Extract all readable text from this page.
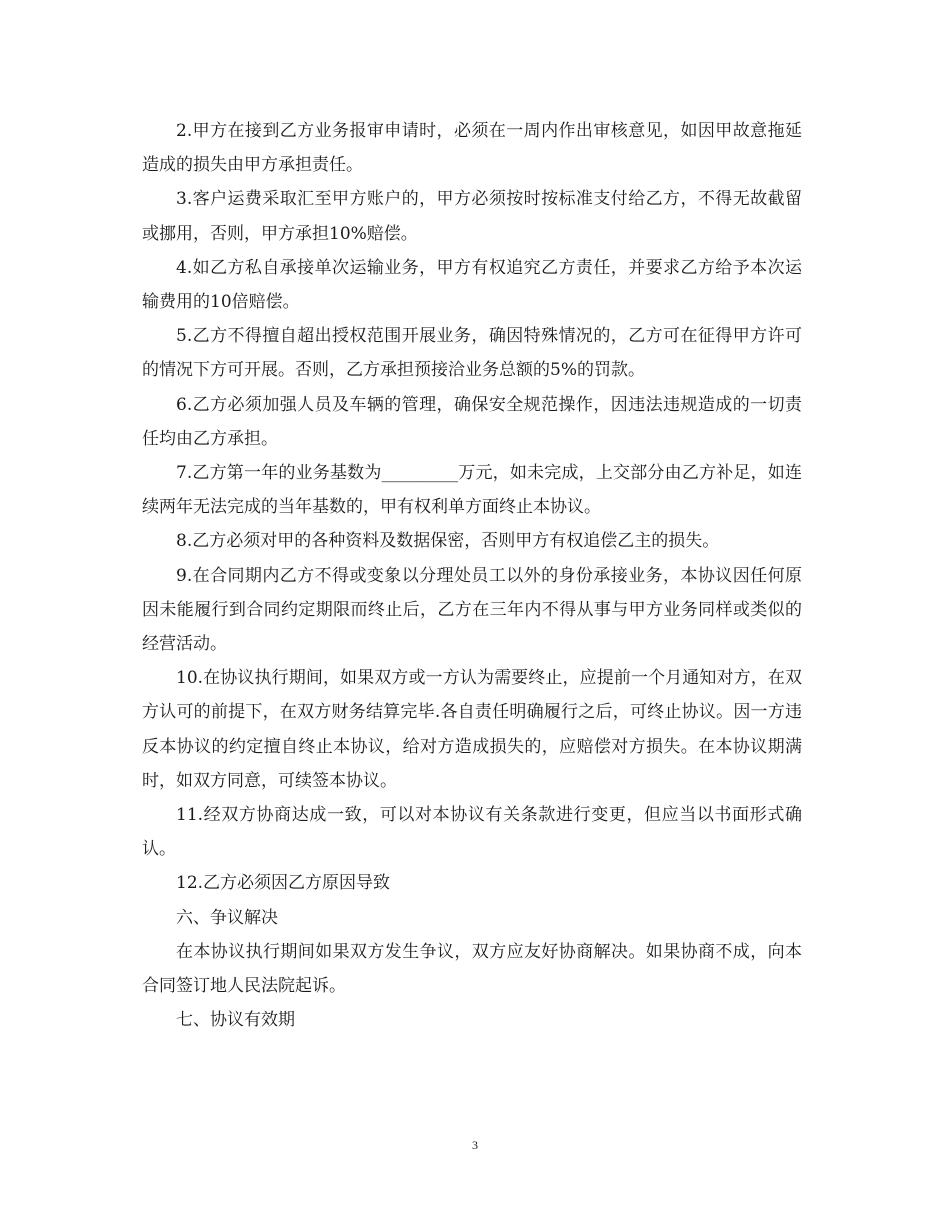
2.甲方在接到乙方业务报审申请时，必须在一周内作出审核意见，如因甲故意拖延造成的损失由甲方承担责任。

3.客户运费采取汇至甲方账户的，甲方必须按时按标准支付给乙方，不得无故截留或挪用，否则，甲方承担10%赔偿。

4.如乙方私自承接单次运输业务，甲方有权追究乙方责任，并要求乙方给予本次运输费用的10倍赔偿。

5.乙方不得擅自超出授权范围开展业务，确因特殊情况的，乙方可在征得甲方许可的情况下方可开展。否则，乙方承担预接洽业务总额的5%的罚款。

6.乙方必须加强人员及车辆的管理，确保安全规范操作，因违法违规造成的一切责任均由乙方承担。

7.乙方第一年的业务基数为_________万元，如未完成，上交部分由乙方补足，如连续两年无法完成的当年基数的，甲有权利单方面终止本协议。

8.乙方必须对甲的各种资料及数据保密，否则甲方有权追偿乙主的损失。

9.在合同期内乙方不得或变象以分理处员工以外的身份承接业务，本协议因任何原因未能履行到合同约定期限而终止后，乙方在三年内不得从事与甲方业务同样或类似的经营活动。

10.在协议执行期间，如果双方或一方认为需要终止，应提前一个月通知对方，在双方认可的前提下，在双方财务结算完毕.各自责任明确履行之后，可终止协议。因一方违反本协议的约定擅自终止本协议，给对方造成损失的，应赔偿对方损失。在本协议期满时，如双方同意，可续签本协议。

11.经双方协商达成一致，可以对本协议有关条款进行变更，但应当以书面形式确认。

12.乙方必须因乙方原因导致

六、争议解决

在本协议执行期间如果双方发生争议，双方应友好协商解决。如果协商不成，向本合同签订地人民法院起诉。

七、协议有效期

3
